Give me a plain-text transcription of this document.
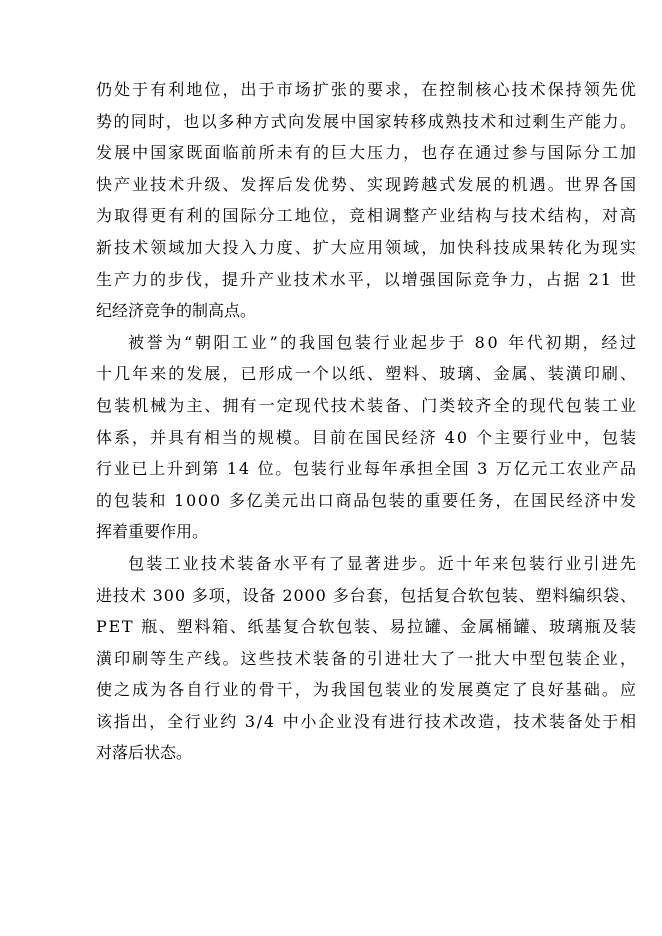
仍处于有利地位，出于市场扩张的要求，在控制核心技术保持领先优
势的同时，也以多种方式向发展中国家转移成熟技术和过剩生产能力。
发展中国家既面临前所未有的巨大压力，也存在通过参与国际分工加
快产业技术升级、发挥后发优势、实现跨越式发展的机遇。世界各国
为取得更有利的国际分工地位，竞相调整产业结构与技术结构，对高
新技术领域加大投入力度、扩大应用领域，加快科技成果转化为现实
生产力的步伐，提升产业技术水平，以增强国际竞争力，占据 21 世
纪经济竞争的制高点。
被誉为“朝阳工业”的我国包装行业起步于 80 年代初期，经过
十几年来的发展，已形成一个以纸、塑料、玻璃、金属、装潢印刷、
包装机械为主、拥有一定现代技术装备、门类较齐全的现代包装工业
体系，并具有相当的规模。目前在国民经济 40 个主要行业中，包装
行业已上升到第 14 位。包装行业每年承担全国 3 万亿元工农业产品
的包装和 1000 多亿美元出口商品包装的重要任务，在国民经济中发
挥着重要作用。
包装工业技术装备水平有了显著进步。近十年来包装行业引进先
进技术 300 多项，设备 2000 多台套，包括复合软包装、塑料编织袋、
PET 瓶、塑料箱、纸基复合软包装、易拉罐、金属桶罐、玻璃瓶及装
潢印刷等生产线。这些技术装备的引进壮大了一批大中型包装企业，
使之成为各自行业的骨干，为我国包装业的发展奠定了良好基础。应
该指出，全行业约 3/4 中小企业没有进行技术改造，技术装备处于相
对落后状态。
